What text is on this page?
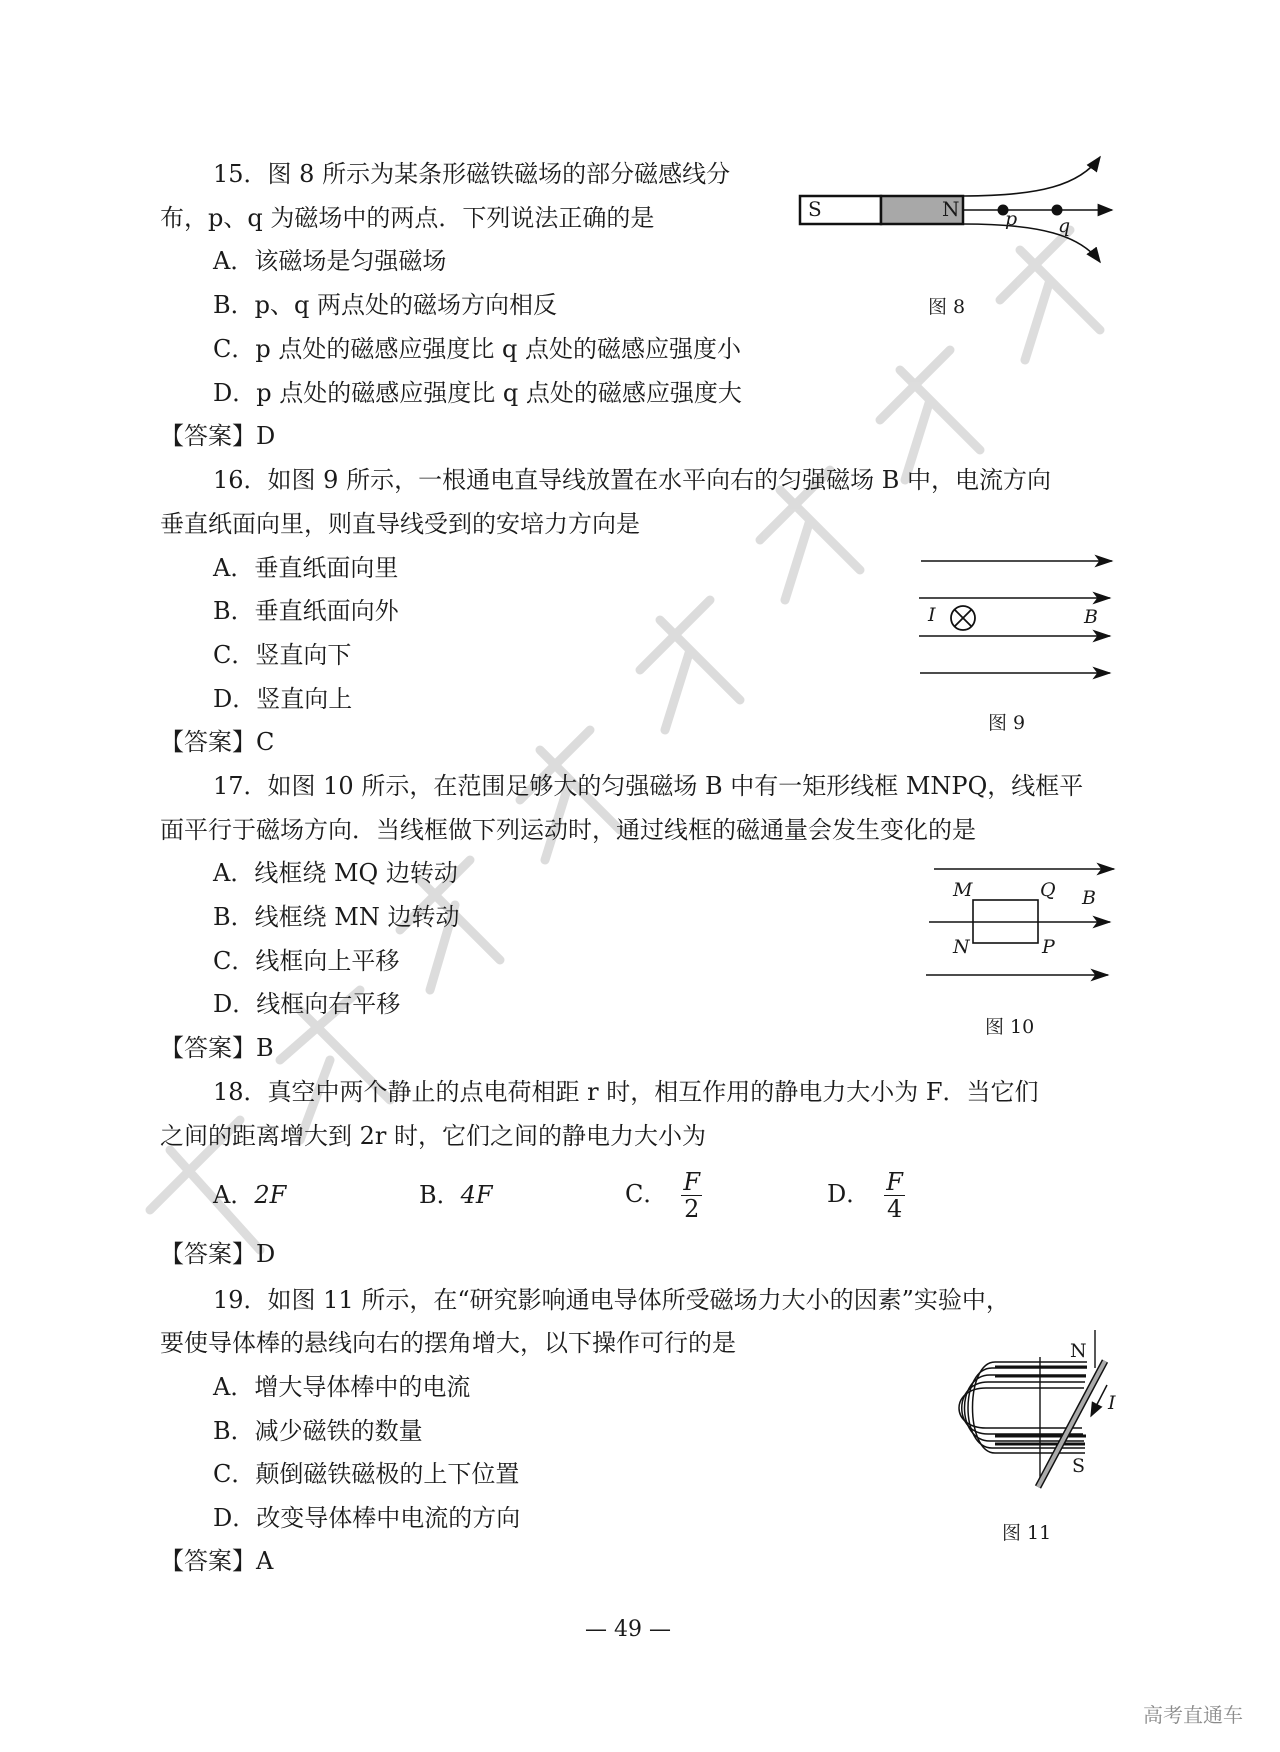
15．图 8 所示为某条形磁铁磁场的部分磁感线分
布，p、q 为磁场中的两点．下列说法正确的是
A．该磁场是匀强磁场
B．p、q 两点处的磁场方向相反
C．p 点处的磁感应强度比 q 点处的磁感应强度小
D．p 点处的磁感应强度比 q 点处的磁感应强度大
【答案】D
S	N p q
图 8
16．如图 9 所示，一根通电直导线放置在水平向右的匀强磁场 B 中，电流方向
垂直纸面向里，则直导线受到的安培力方向是
A．垂直纸面向里
B．垂直纸面向外
C．竖直向下
D．竖直向上
【答案】C
I	B
图 9
17．如图 10 所示，在范围足够大的匀强磁场 B 中有一矩形线框 MNPQ，线框平
面平行于磁场方向．当线框做下列运动时，通过线框的磁通量会发生变化的是
A．线框绕 MQ 边转动
B．线框绕 MN 边转动
C．线框向上平移
D．线框向右平移
【答案】B
M	Q B
N	P
图 10
18．真空中两个静止的点电荷相距 r 时，相互作用的静电力大小为 F．当它们
之间的距离增大到 2r 时，它们之间的静电力大小为
A．2F	B．4F	C． $\frac{F}{2}$	D． $\frac{F}{4}$
【答案】D
19．如图 11 所示，在“研究影响通电导体所受磁场力大小的因素”实验中，
要使导体棒的悬线向右的摆角增大，以下操作可行的是
A．增大导体棒中的电流
B．减少磁铁的数量
C．颠倒磁铁磁极的上下位置
D．改变导体棒中电流的方向
【答案】A
N
S
I
图 11
— 49 —
高考直通车
